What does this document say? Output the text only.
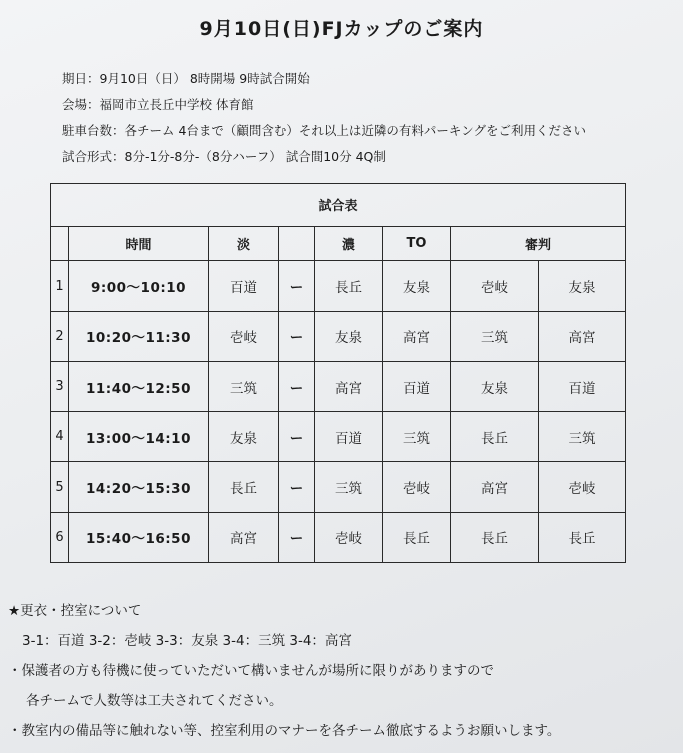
9月10日(日)FJカップのご案内
期日：9月10日（日） 8時開場 9時試合開始
会場：福岡市立長丘中学校 体育館
駐車台数：各チーム 4台まで（顧問含む）それ以上は近隣の有料パーキングをご利用ください
試合形式：8分-1分-8分-（8分ハーフ） 試合間10分 4Q制
試合表							
	時間	淡		濃	TO	審判	
1	9:00～10:10	百道	ー	長丘	友泉	壱岐	友泉
2	10:20～11:30	壱岐	ー	友泉	高宮	三筑	高宮
3	11:40～12:50	三筑	ー	高宮	百道	友泉	百道
4	13:00～14:10	友泉	ー	百道	三筑	長丘	三筑
5	14:20～15:30	長丘	ー	三筑	壱岐	高宮	壱岐
6	15:40～16:50	高宮	ー	壱岐	長丘	長丘	長丘
★更衣・控室について
3-1：百道 3-2：壱岐 3-3：友泉 3-4：三筑 3-4：高宮
・保護者の方も待機に使っていただいて構いませんが場所に限りがありますので
各チームで人数等は工夫されてください。
・教室内の備品等に触れない等、控室利用のマナーを各チーム徹底するようお願いします。
